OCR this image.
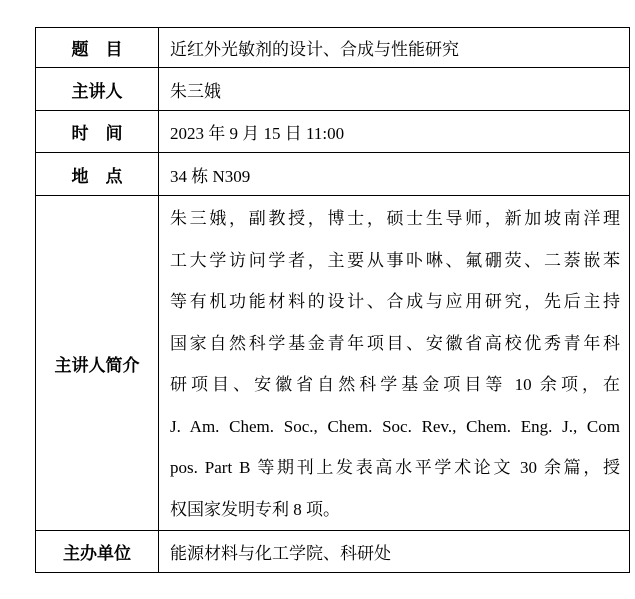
题　目	近红外光敏剂的设计、合成与性能研究
主讲人	朱三娥
时　间	2023 年 9 月 15 日 11:00
地　点	34 栋 N309
主讲人简介	
朱三娥，副教授，博士，硕士生导师，新加坡南洋理
工大学访问学者，主要从事卟啉、氟硼荧、二萘嵌苯
等有机功能材料的设计、合成与应用研究，先后主持
国家自然科学基金青年项目、安徽省高校优秀青年科
研项目、安徽省自然科学基金项目等 10 余项，在
J. Am. Chem. Soc., Chem. Soc. Rev., Chem. Eng. J., Com
pos. Part B 等期刊上发表高水平学术论文 30 余篇，授
权国家发明专利 8 项。

主办单位	能源材料与化工学院、科研处
